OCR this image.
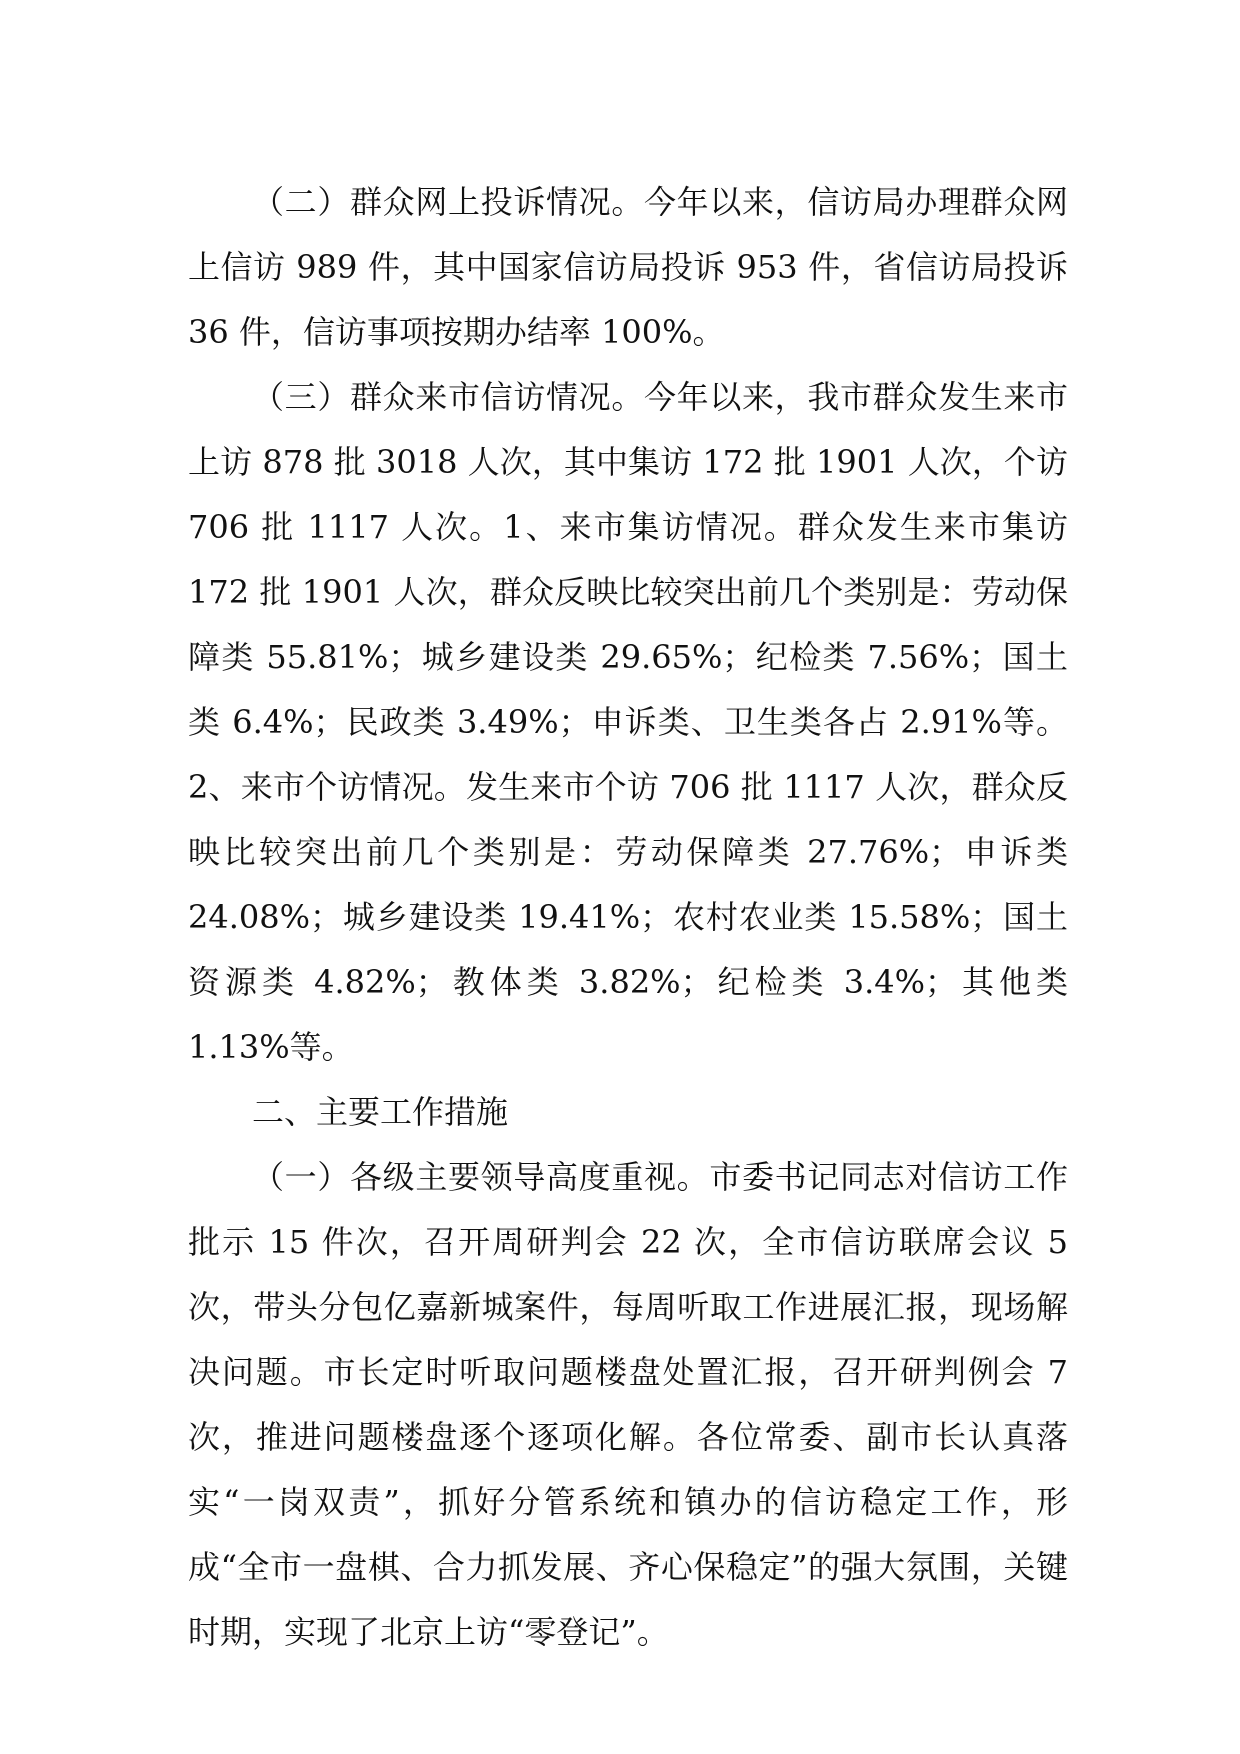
（二）群众网上投诉情况。今年以来，信访局办理群众网上信访 989 件，其中国家信访局投诉 953 件，省信访局投诉 36 件，信访事项按期办结率 100%。

（三）群众来市信访情况。今年以来，我市群众发生来市上访 878 批 3018 人次，其中集访 172 批 1901 人次，个访 706 批 1117 人次。1、来市集访情况。群众发生来市集访 172 批 1901 人次，群众反映比较突出前几个类别是：劳动保障类 55.81%；城乡建设类 29.65%；纪检类 7.56%；国土类 6.4%；民政类 3.49%；申诉类、卫生类各占 2.91%等。2、来市个访情况。发生来市个访 706 批 1117 人次，群众反映比较突出前几个类别是：劳动保障类 27.76%；申诉类 24.08%；城乡建设类 19.41%；农村农业类 15.58%；国土资源类 4.82%；教体类 3.82%；纪检类 3.4%；其他类 1.13%等。

二、主要工作措施

（一）各级主要领导高度重视。市委书记同志对信访工作批示 15 件次，召开周研判会 22 次，全市信访联席会议 5 次，带头分包亿嘉新城案件，每周听取工作进展汇报，现场解决问题。市长定时听取问题楼盘处置汇报，召开研判例会 7 次，推进问题楼盘逐个逐项化解。各位常委、副市长认真落实“一岗双责”，抓好分管系统和镇办的信访稳定工作，形成“全市一盘棋、合力抓发展、齐心保稳定”的强大氛围，关键时期，实现了北京上访“零登记”。
